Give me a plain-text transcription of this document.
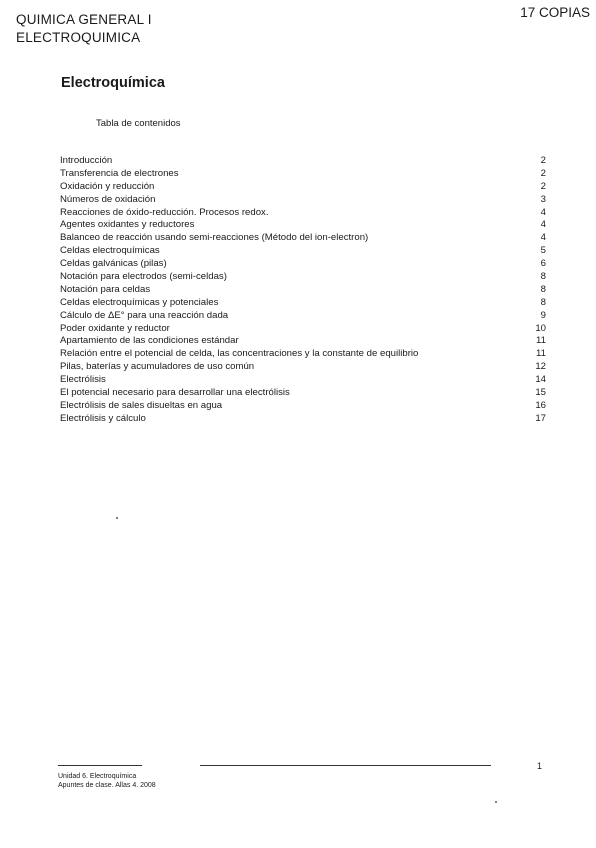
QUIMICA GENERAL I
ELECTROQUIMICA
17 COPIAS
Electroquímica
Tabla de contenidos
Introducción	2
Transferencia de electrones	2
Oxidación y reducción	2
Números de oxidación	3
Reacciones de óxido-reducción. Procesos redox.	4
Agentes oxidantes y reductores	4
Balanceo de reacción usando semi-reacciones (Método del ion-electron)	4
Celdas electroquímicas	5
Celdas galvánicas (pilas)	6
Notación para electrodos (semi-celdas)	8
Notación para celdas	8
Celdas electroquímicas y potenciales	8
Cálculo de ΔE° para una reacción dada	9
Poder oxidante y reductor	10
Apartamiento de las condiciones estándar	11
Relación entre el potencial de celda, las concentraciones y la constante de equilibrio	11
Pilas, baterías y acumuladores de uso común	12
Electrólisis	14
El potencial necesario para desarrollar una electrólisis	15
Electrólisis de sales disueltas en agua	16
Electrólisis y cálculo	17
1
Unidad 6. Electroquímica
Apuntes de clase. Allas 4. 2008
